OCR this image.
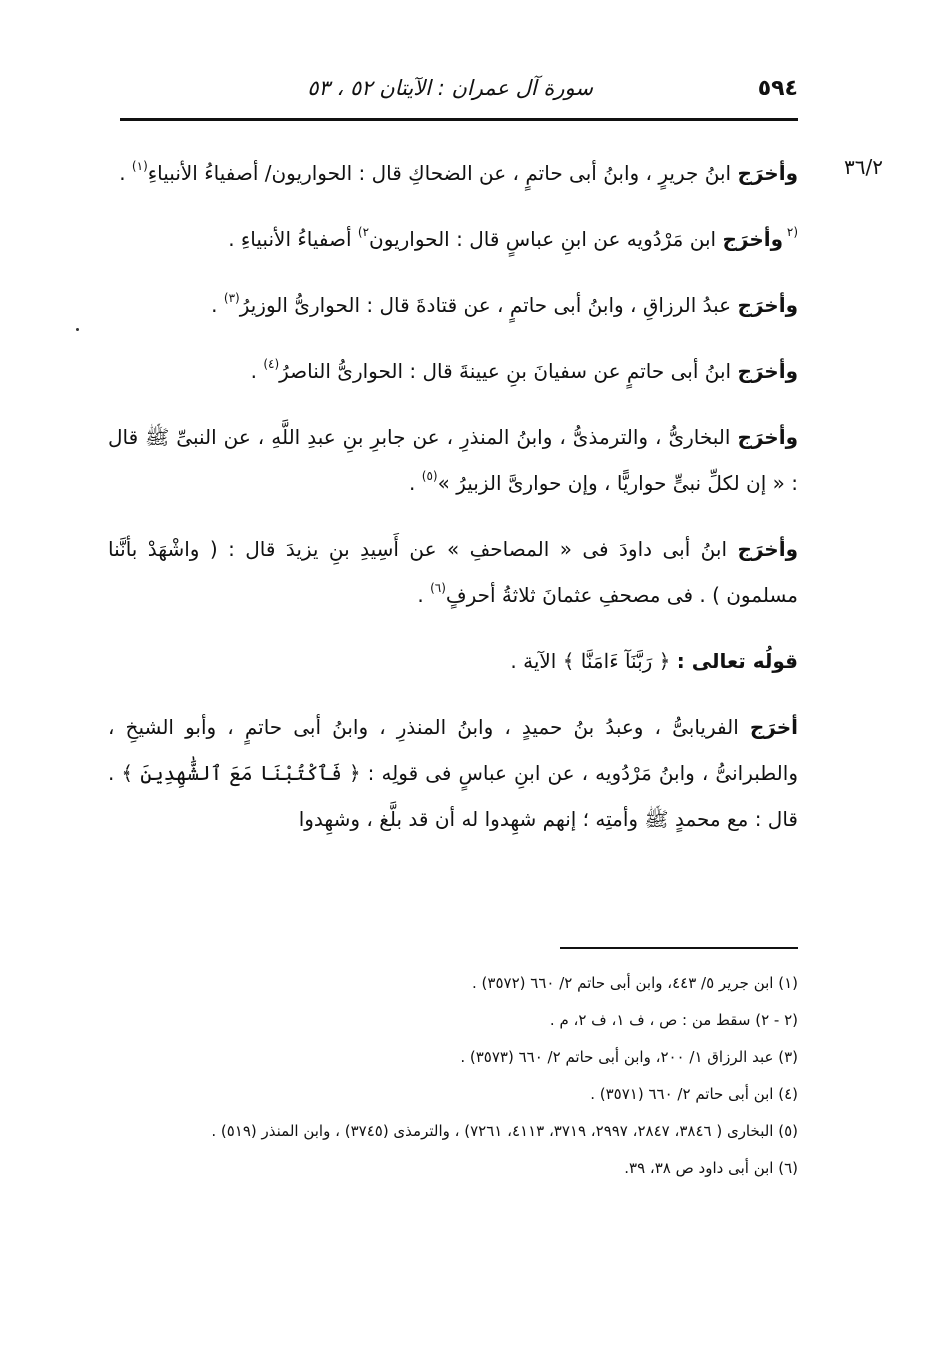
٥٩٤
سورة آل عمران : الآيتان ٥٢ ، ٥٣
٣٦/٢

وأخرَج ابنُ جريرٍ ، وابنُ أبى حاتمٍ ، عن الضحاكِ قال : الحواريون/ أصفياءُ الأنبياءِ$^{(١)}$ .

$^{(٢}$ وأخرَج ابن مَرْدُويه عن ابنِ عباسٍ قال : الحواريون$^{٢)}$ أصفياءُ الأنبياءِ .

وأخرَج عبدُ الرزاقِ ، وابنُ أبى حاتمٍ ، عن قتادةَ قال : الحوارىُّ الوزيرُ$^{(٣)}$ .

وأخرَج ابنُ أبى حاتمٍ عن سفيانَ بنِ عيينةَ قال : الحوارىُّ الناصرُ$^{(٤)}$ .

وأخرَج البخارىُّ ، والترمذىُّ ، وابنُ المنذرِ ، عن جابرِ بنِ عبدِ اللَّهِ ، عن النبىِّ ﷺ قال : « إن لكلِّ نبىٍّ حواريًّا ، وإن حوارىَّ الزبيرُ »$^{(٥)}$ .

وأخرَج ابنُ أبى داودَ فى « المصاحفِ » عن أَسِيدِ بنِ يزيدَ قال : ( واشْهَدْ بأنَّنا مسلمون ) . فى مصحفِ عثمانَ ثلاثةُ أحرفٍ$^{(٦)}$ .

قولُه تعالى : ﴿ رَبَّنَآ ءَامَنَّا ﴾ الآية .

أخرَج الفريابىُّ ، وعبدُ بنُ حميدٍ ، وابنُ المنذرِ ، وابنُ أبى حاتمٍ ، وأبو الشيخِ ، والطبرانىُّ ، وابنُ مَرْدُويه ، عن ابنِ عباسٍ فى قولِه : ﴿ فَٱكْتُبْنَا مَعَ ٱلشَّٰهِدِينَ ﴾ . قال : مع محمدٍ ﷺ وأمتِه ؛ إنهم شهِدوا له أن قد بلَّغ ، وشهِدوا

(١) ابن جرير ٥/ ٤٤٣، وابن أبى حاتم ٢/ ٦٦٠ (٣٥٧٢) .

(٢ - ٢) سقط من : ص ، ف ١، ف ٢، م .

(٣) عبد الرزاق ١/ ٢٠٠، وابن أبى حاتم ٢/ ٦٦٠ (٣٥٧٣) .

(٤) ابن أبى حاتم ٢/ ٦٦٠ (٣٥٧١) .

(٥) البخارى ( ٣٨٤٦، ٢٨٤٧، ٢٩٩٧، ٣٧١٩، ٤١١٣، ٧٢٦١) ، والترمذى (٣٧٤٥) ، وابن المنذر (٥١٩) .

(٦) ابن أبى داود ص ٣٨، ٣٩.
